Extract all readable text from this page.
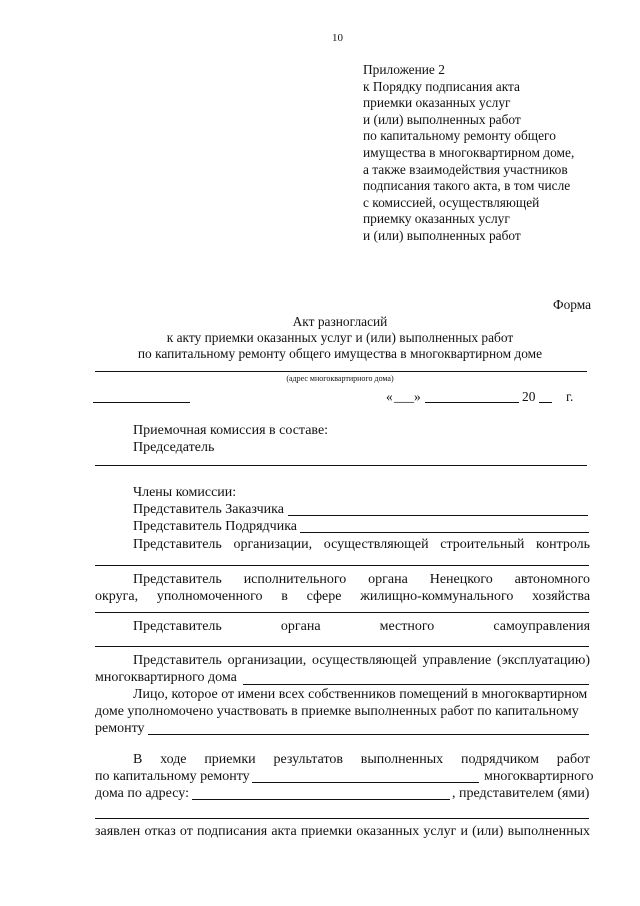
10
Приложение 2
к Порядку подписания акта
приемки оказанных услуг
и (или) выполненных работ
по капитальному ремонту общего
имущества в многоквартирном доме,
а также взаимодействия участников
подписания такого акта, в том числе
с комиссией, осуществляющей
приемку оказанных услуг
и (или) выполненных работ
Форма
Акт разногласий
к акту приемки оказанных услуг и (или) выполненных работ
по капитальному ремонту общего имущества в многоквартирном доме
(адрес многоквартирного дома)
« ___ »	20 г.
Приемочная комиссия в составе:
Председатель
Члены комиссии:
Представитель Заказчика
Представитель Подрядчика
Представитель организации, осуществляющей строительный контроль
Представитель исполнительного органа Ненецкого автономного
округа, уполномоченного в сфере жилищно-коммунального хозяйства
Представитель	органа	местного	самоуправления
Представитель организации, осуществляющей управление (эксплуатацию)
многоквартирного дома
Лицо, которое от имени всех собственников помещений в многоквартирном
доме уполномочено участвовать в приемке выполненных работ по капитальному
ремонту
В ходе приемки результатов выполненных подрядчиком работ
по капитальному ремонту	многоквартирного
дома по адресу:	, представителем (ями)
заявлен отказ от подписания акта приемки оказанных услуг и (или) выполненных
